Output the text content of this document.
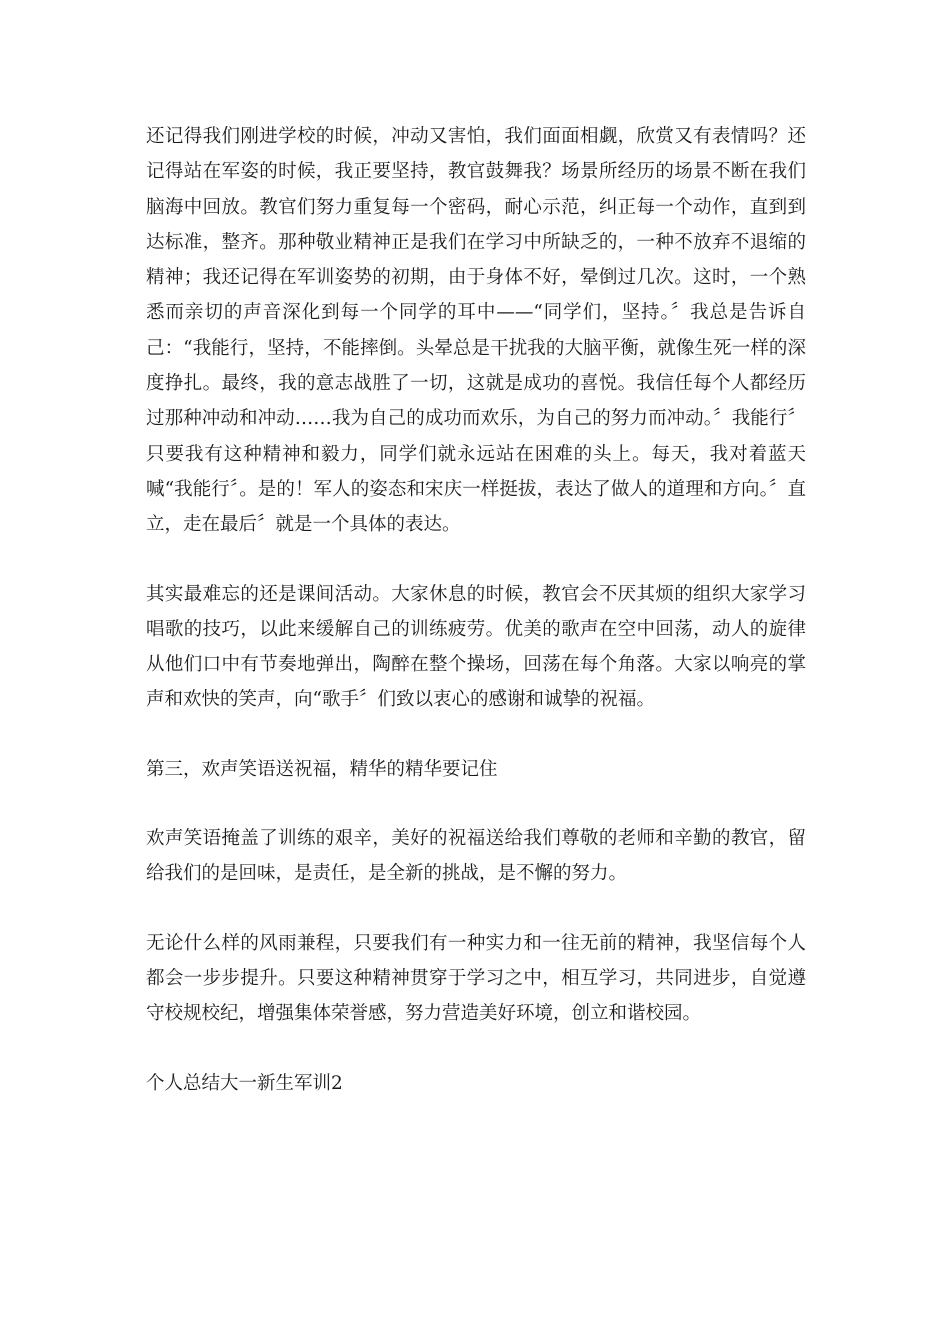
还记得我们刚进学校的时候，冲动又害怕，我们面面相觑，欣赏又有表情吗？还记得站在军姿的时候，我正要坚持，教官鼓舞我？场景所经历的场景不断在我们脑海中回放。教官们努力重复每一个密码，耐心示范，纠正每一个动作，直到到达标准，整齐。那种敬业精神正是我们在学习中所缺乏的，一种不放弃不退缩的精神；我还记得在军训姿势的初期，由于身体不好，晕倒过几次。这时，一个熟悉而亲切的声音深化到每一个同学的耳中——“同学们，坚持。〞我总是告诉自己：“我能行，坚持，不能摔倒。头晕总是干扰我的大脑平衡，就像生死一样的深度挣扎。最终，我的意志战胜了一切，这就是成功的喜悦。我信任每个人都经历过那种冲动和冲动……我为自己的成功而欢乐，为自己的努力而冲动。〞我能行〞只要我有这种精神和毅力，同学们就永远站在困难的头上。每天，我对着蓝天喊“我能行〞。是的！军人的姿态和宋庆一样挺拔，表达了做人的道理和方向。〞直立，走在最后〞就是一个具体的表达。

其实最难忘的还是课间活动。大家休息的时候，教官会不厌其烦的组织大家学习唱歌的技巧，以此来缓解自己的训练疲劳。优美的歌声在空中回荡，动人的旋律从他们口中有节奏地弹出，陶醉在整个操场，回荡在每个角落。大家以响亮的掌声和欢快的笑声，向“歌手〞们致以衷心的感谢和诚挚的祝福。

第三，欢声笑语送祝福，精华的精华要记住

欢声笑语掩盖了训练的艰辛，美好的祝福送给我们尊敬的老师和辛勤的教官，留给我们的是回味，是责任，是全新的挑战，是不懈的努力。

无论什么样的风雨兼程，只要我们有一种实力和一往无前的精神，我坚信每个人都会一步步提升。只要这种精神贯穿于学习之中，相互学习，共同进步，自觉遵守校规校纪，增强集体荣誉感，努力营造美好环境，创立和谐校园。

个人总结大一新生军训2
